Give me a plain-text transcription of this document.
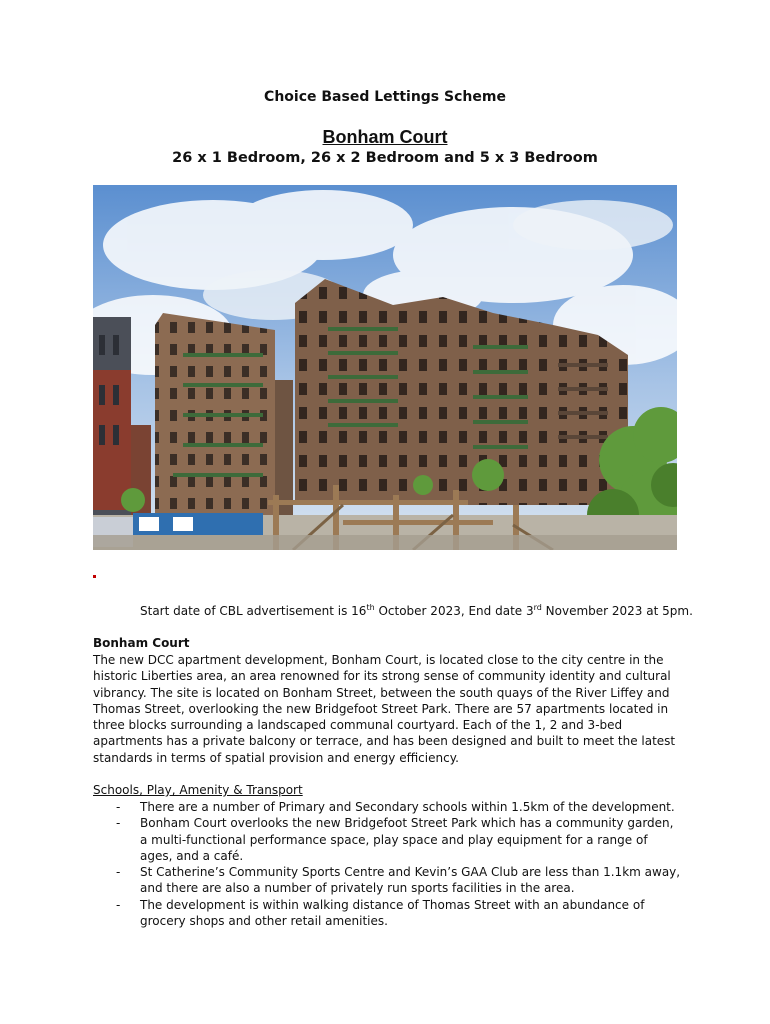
Choice Based Lettings Scheme
Bonham Court
26 x 1 Bedroom, 26 x 2 Bedroom and 5 x 3 Bedroom
Start date of CBL advertisement is 16th October 2023, End date 3rd November 2023 at 5pm.
Bonham Court
The new DCC apartment development, Bonham Court, is located close to the city centre in the historic Liberties area, an area renowned for its strong sense of community identity and cultural vibrancy. The site is located on Bonham Street, between the south quays of the River Liffey and Thomas Street, overlooking the new Bridgefoot Street Park. There are 57 apartments located in three blocks surrounding a landscaped communal courtyard. Each of the 1, 2 and 3-bed apartments has a private balcony or terrace, and has been designed and built to meet the latest standards in terms of spatial provision and energy efficiency.
Schools, Play, Amenity & Transport
- There are a number of Primary and Secondary schools within 1.5km of the development.
- Bonham Court overlooks the new Bridgefoot Street Park which has a community garden, a multi-functional performance space, play space and play equipment for a range of ages, and a café.
- St Catherine’s Community Sports Centre and Kevin’s GAA Club are less than 1.1km away, and there are also a number of privately run sports facilities in the area.
- The development is within walking distance of Thomas Street with an abundance of grocery shops and other retail amenities.
